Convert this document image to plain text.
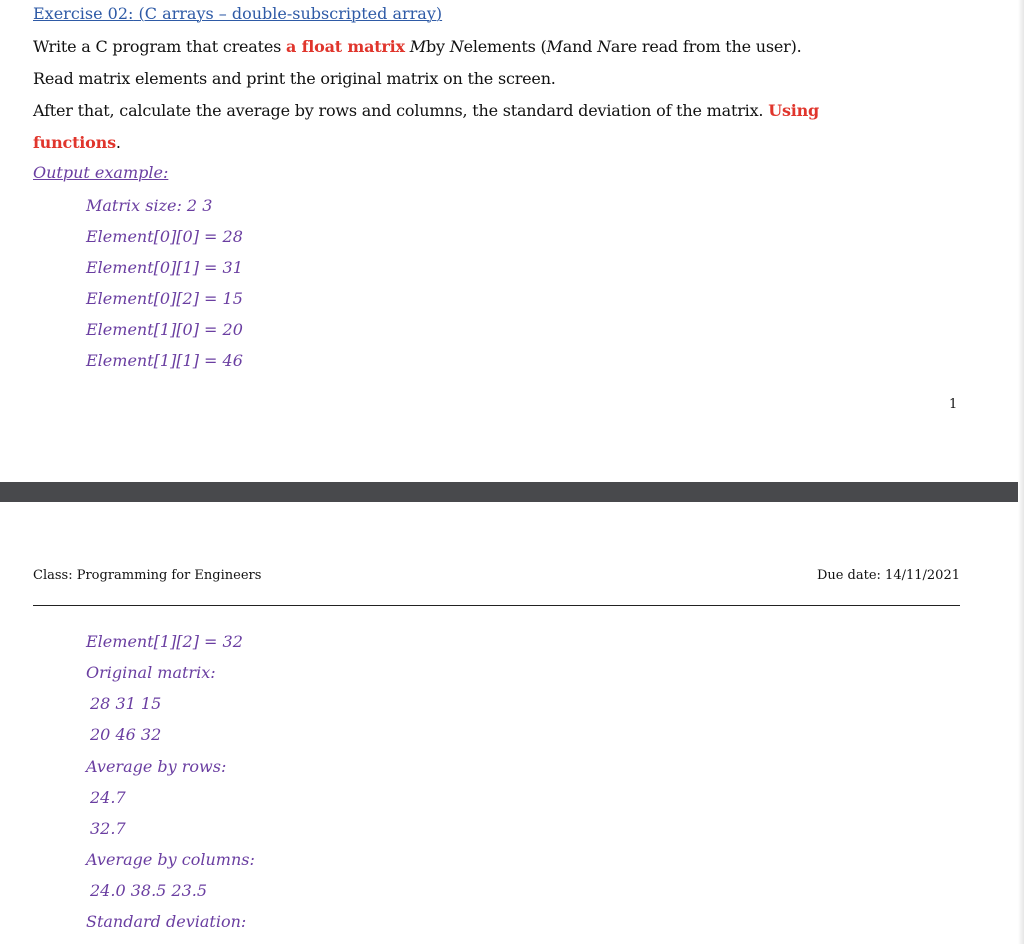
Exercise 02: (C arrays – double-subscripted array)
Write a C program that creates a float matrix Mby Nelements (Mand Nare read from the user).
Read matrix elements and print the original matrix on the screen.
After that, calculate the average by rows and columns, the standard deviation of the matrix. Using
functions.
Output example:
Matrix size: 2 3
Element[0][0] = 28
Element[0][1] = 31
Element[0][2] = 15
Element[1][0] = 20
Element[1][1] = 46
1
Class: Programming for Engineers	Due date: 14/11/2021
Element[1][2] = 32
Original matrix:
28 31 15
20 46 32
Average by rows:
24.7
32.7
Average by columns:
24.0 38.5 23.5
Standard deviation:
